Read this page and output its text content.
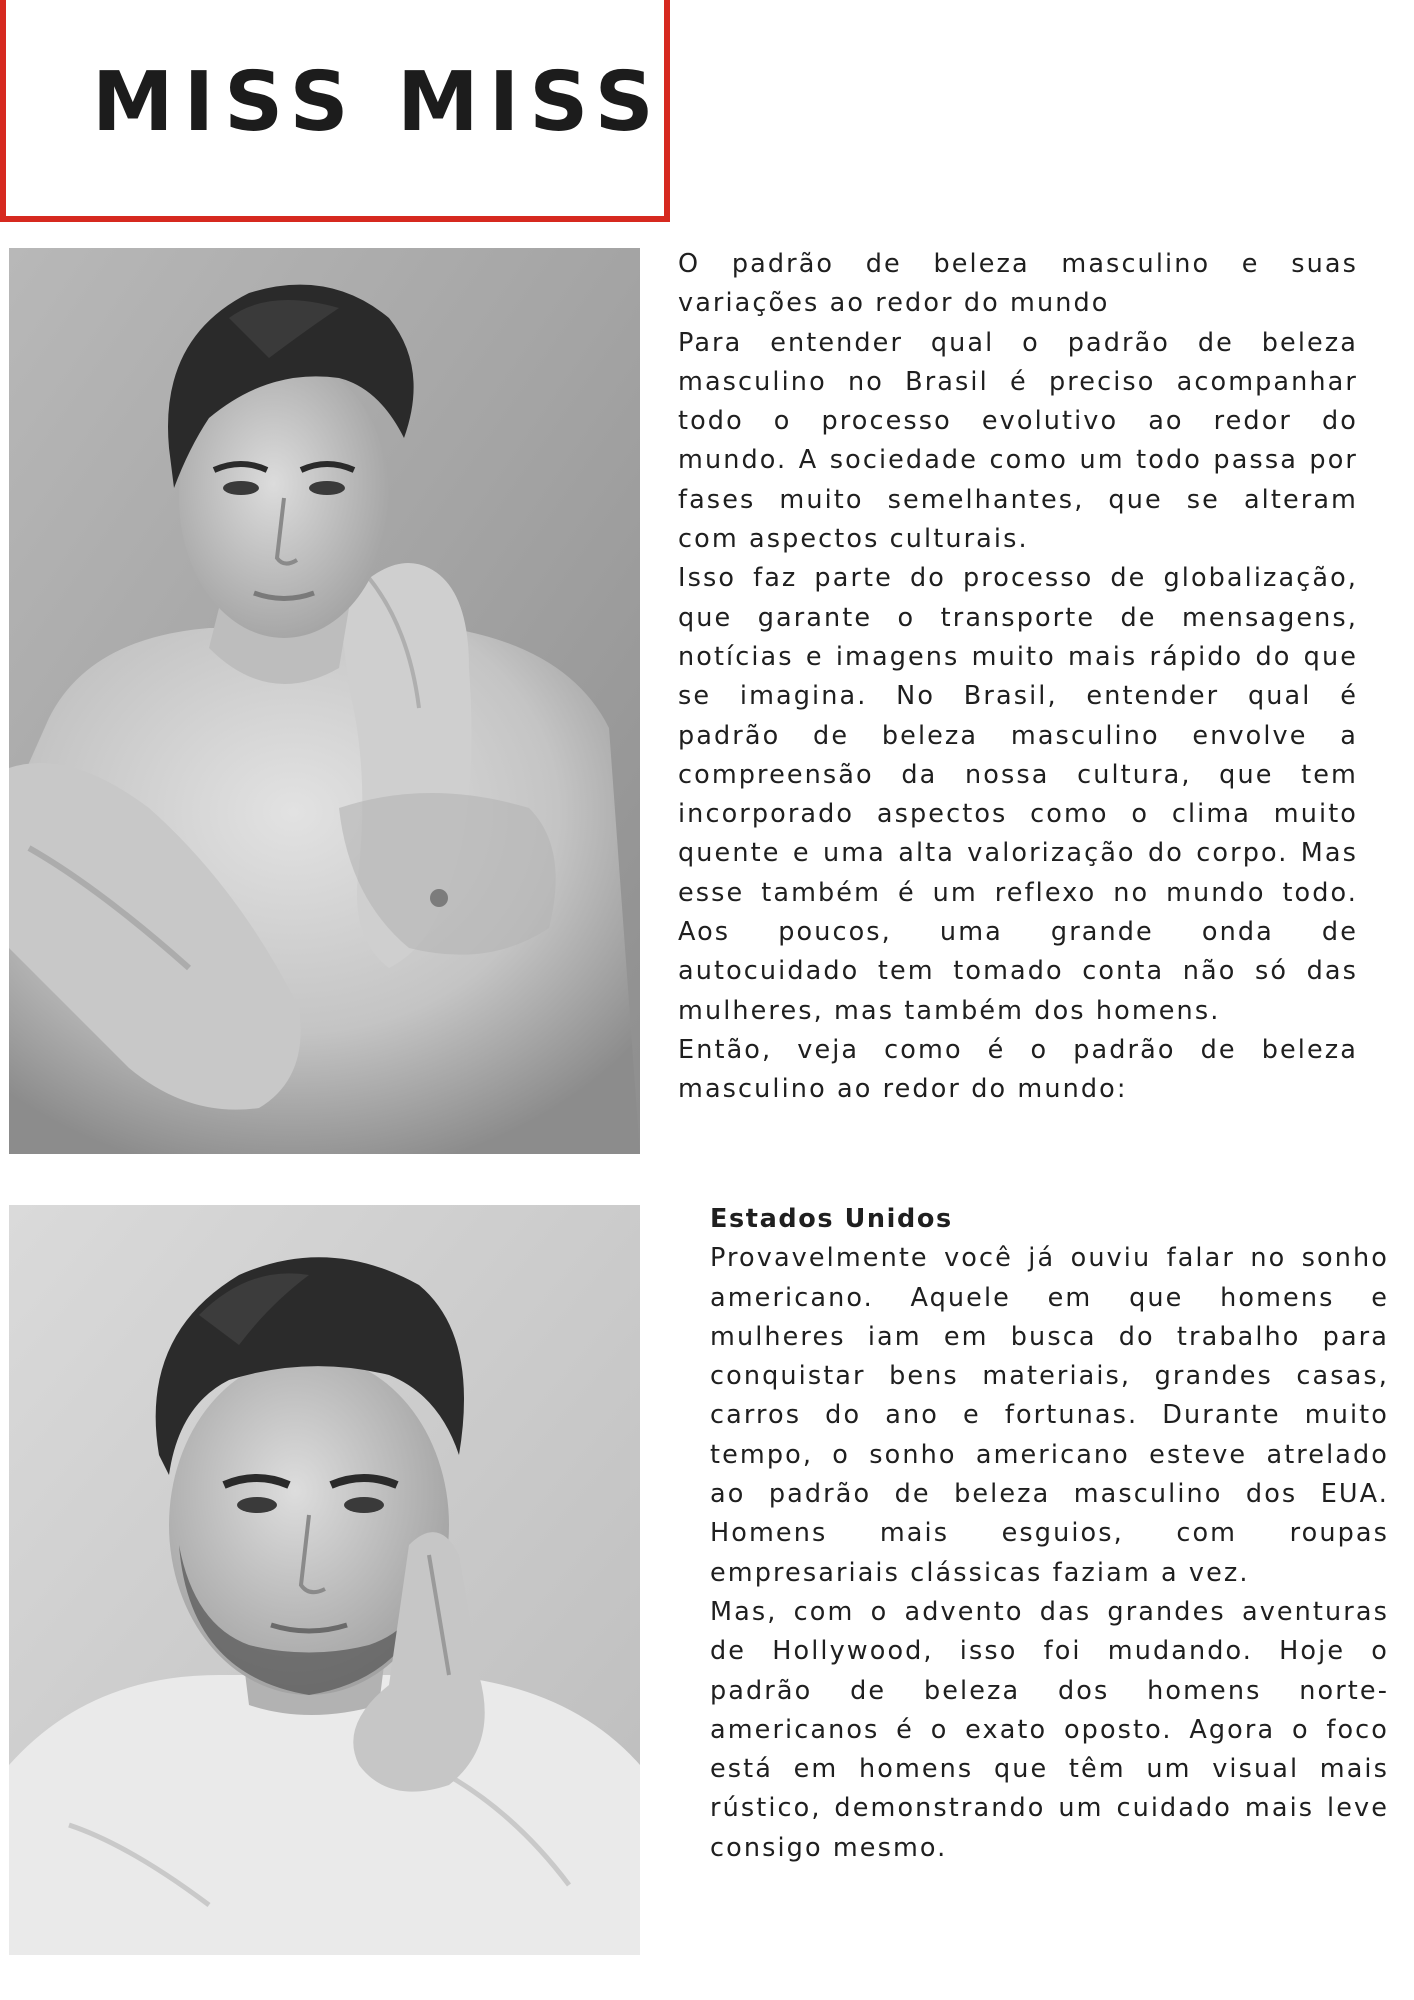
MISS MISS

O padrão de beleza masculino e suas variações ao redor do mundo

Para entender qual o padrão de beleza masculino no Brasil é preciso acompanhar todo o processo evolutivo ao redor do mundo. A sociedade como um todo passa por fases muito semelhantes, que se alteram com aspectos culturais.

Isso faz parte do processo de globalização, que garante o transporte de mensagens, notícias e imagens muito mais rápido do que se imagina. No Brasil, entender qual é padrão de beleza masculino envolve a compreensão da nossa cultura, que tem incorporado aspectos como o clima muito quente e uma alta valorização do corpo. Mas esse também é um reflexo no mundo todo. Aos poucos, uma grande onda de autocuidado tem tomado conta não só das mulheres, mas também dos homens.

Então, veja como é o padrão de beleza masculino ao redor do mundo:

Estados Unidos

Provavelmente você já ouviu falar no sonho americano. Aquele em que homens e mulheres iam em busca do trabalho para conquistar bens materiais, grandes casas, carros do ano e fortunas. Durante muito tempo, o sonho americano esteve atrelado ao padrão de beleza masculino dos EUA. Homens mais esguios, com roupas empresariais clássicas faziam a vez.

Mas, com o advento das grandes aventuras de Hollywood, isso foi mudando. Hoje o padrão de beleza dos homens norte-americanos é o exato oposto. Agora o foco está em homens que têm um visual mais rústico, demonstrando um cuidado mais leve consigo mesmo.
